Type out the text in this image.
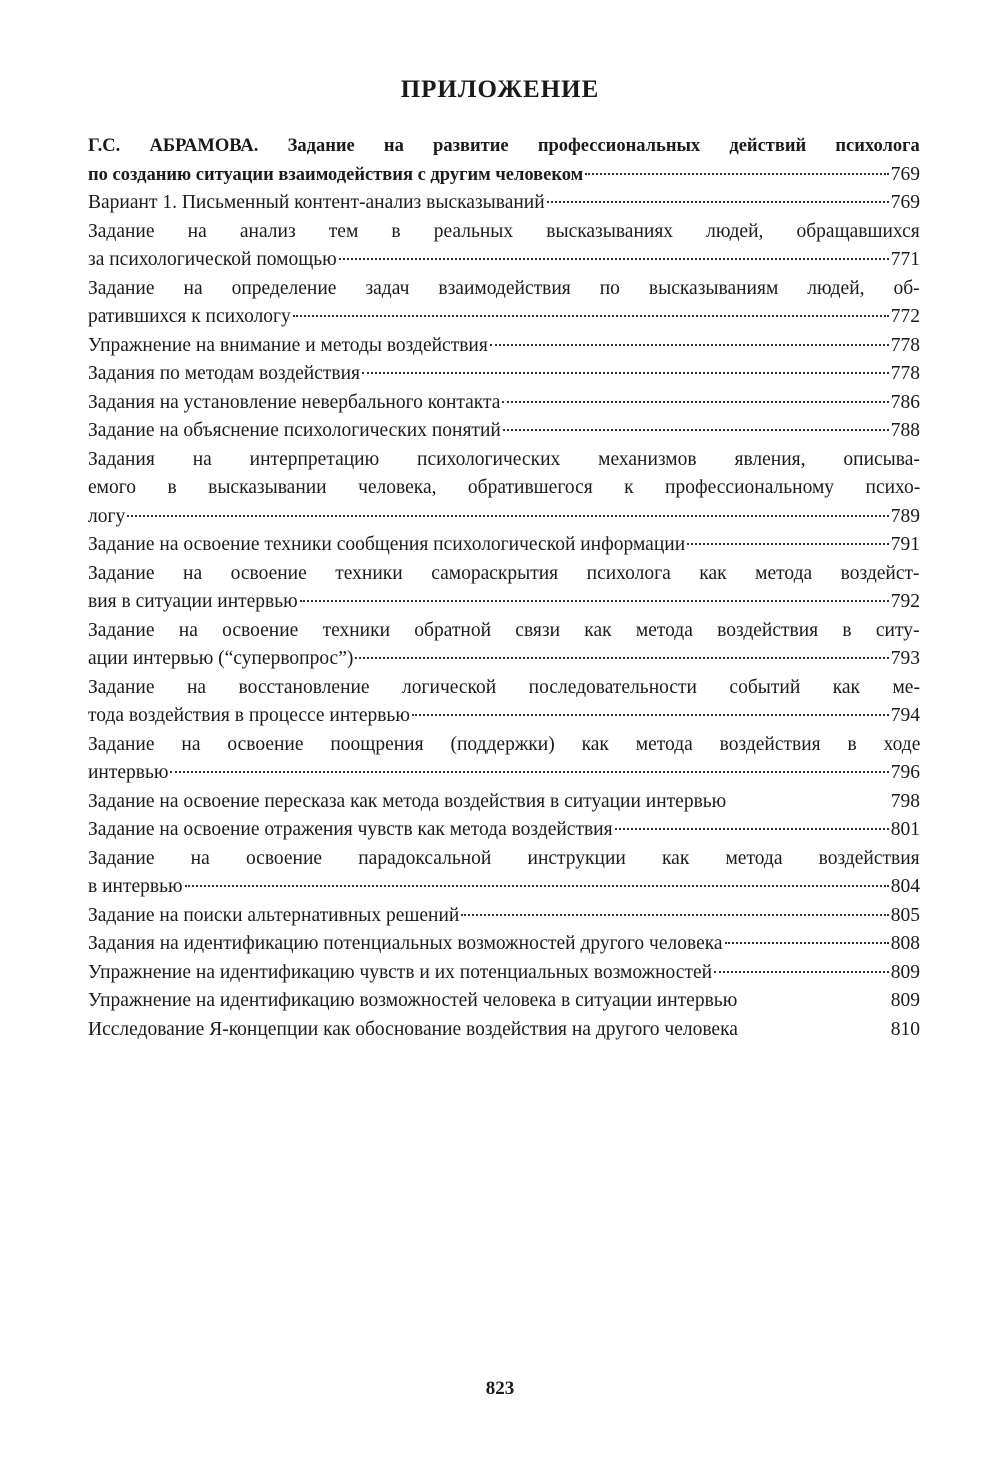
ПРИЛОЖЕНИЕ
Г.С. АБРАМОВА. Задание на развитие профессиональных действий психолога
по созданию ситуации взаимодействия с другим человеком	769
Вариант 1. Письменный контент-анализ высказываний	769
Задание на анализ тем в реальных высказываниях людей, обращавшихся
за психологической помощью	771
Задание на определение задач взаимодействия по высказываниям людей, об-
ратившихся к психологу	772
Упражнение на внимание и методы воздействия	778
Задания по методам воздействия	778
Задания на установление невербального контакта	786
Задание на объяснение психологических понятий	788
Задания на интерпретацию психологических механизмов явления, описыва-
емого в высказывании человека, обратившегося к профессиональному психо-
логу	789
Задание на освоение техники сообщения психологической информации	791
Задание на освоение техники самораскрытия психолога как метода воздейст-
вия в ситуации интервью	792
Задание на освоение техники обратной связи как метода воздействия в ситу-
ации интервью (“супервопрос”)	793
Задание на восстановление логической последовательности событий как ме-
тода воздействия в процессе интервью	794
Задание на освоение поощрения (поддержки) как метода воздействия в ходе
интервью	796
Задание на освоение пересказа как метода воздействия в ситуации интервью	798
Задание на освоение отражения чувств как метода воздействия	801
Задание на освоение парадоксальной инструкции как метода воздействия
в интервью	804
Задание на поиски альтернативных решений	805
Задания на идентификацию потенциальных возможностей другого человека	808
Упражнение на идентификацию чувств и их потенциальных возможностей	809
Упражнение на идентификацию возможностей человека в ситуации интервью	809
Исследование Я-концепции как обоснование воздействия на другого человека	810
823
